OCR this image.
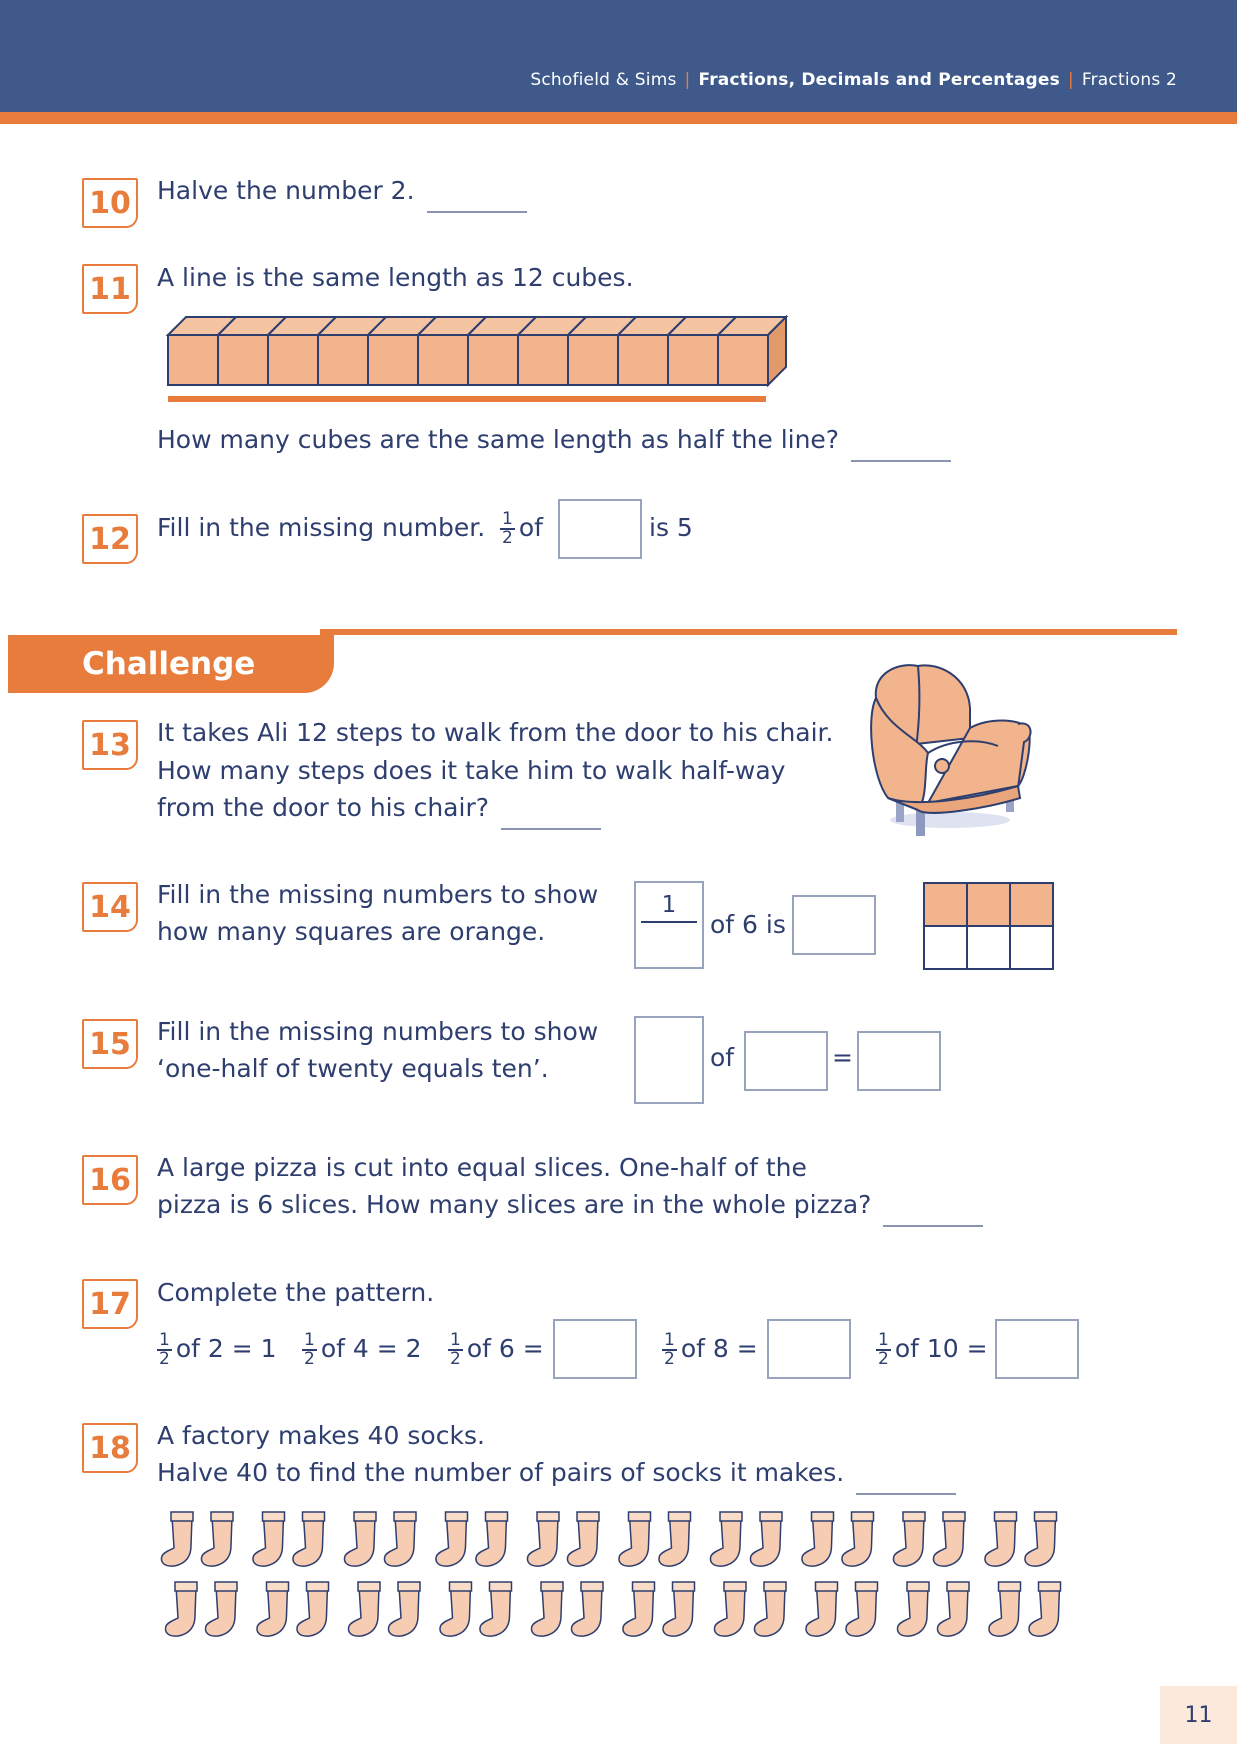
Schofield & Sims | Fractions, Decimals and Percentages | Fractions 2
10 Halve the number 2.
11 A line is the same length as 12 cubes.
How many cubes are the same length as half the line?
12 Fill in the missing number. $\frac{1}{2}$ of	is 5
Challenge
13 It takes Ali 12 steps to walk from the door to his chair.
How many steps does it take him to walk half-way
from the door to his chair?
14 Fill in the missing numbers to show
how many squares are orange.
1
of 6 is
15 Fill in the missing numbers to show
‘one-half of twenty equals ten’.	of	=
16 A large pizza is cut into equal slices. One-half of the
pizza is 6 slices. How many slices are in the whole pizza?
17 Complete the pattern.
$\frac{1}{2}$ of $2 = 1 \frac{1}{2}$ of $4 = 2 \frac{1}{2}$ of 6 =	$\frac{1}{2}$ of 8 =	$\frac{1}{2}$ of 10 =
18 A factory makes 40 socks.
Halve 40 to find the number of pairs of socks it makes.
11
